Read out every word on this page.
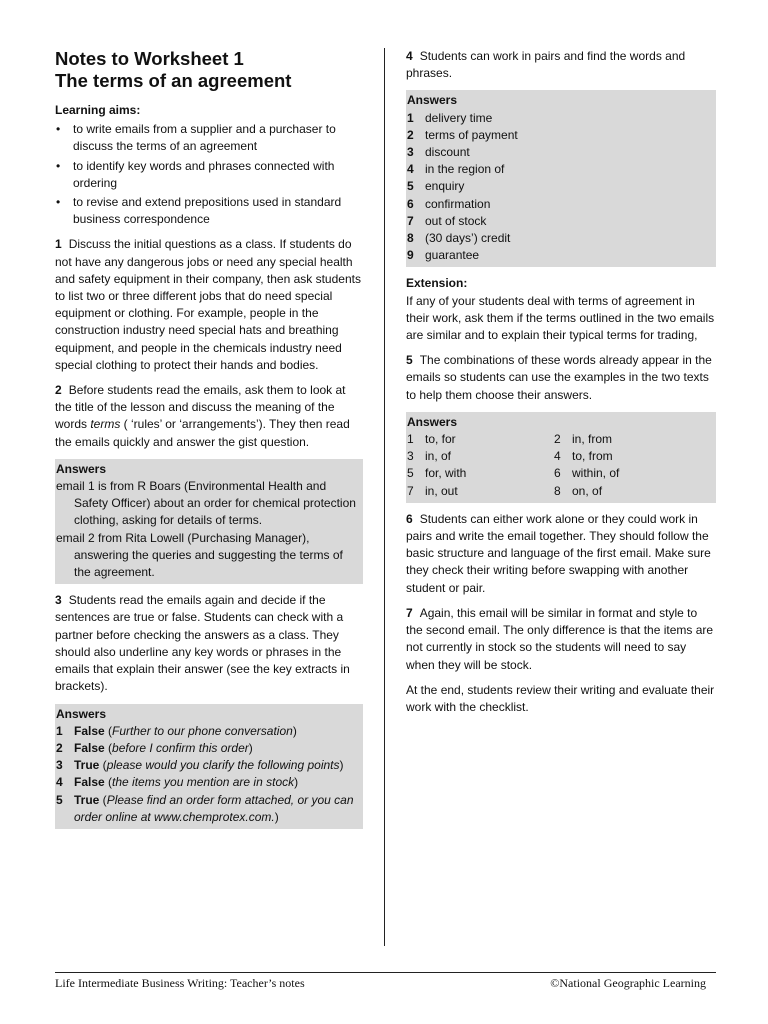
Notes to Worksheet 1
The terms of an agreement
Learning aims:
• to write emails from a supplier and a purchaser to discuss the terms of an agreement
• to identify key words and phrases connected with ordering
• to revise and extend prepositions used in standard business correspondence

1 Discuss the initial questions as a class. If students do not have any dangerous jobs or need any special health and safety equipment in their company, then ask students to list two or three different jobs that do need special equipment or clothing. For example, people in the construction industry need special hats and breathing equipment, and people in the chemicals industry need special clothing to protect their hands and bodies.

2 Before students read the emails, ask them to look at the title of the lesson and discuss the meaning of the words terms ( ‘rules’ or ‘arrangements’). They then read the emails quickly and answer the gist question.

Answers
email 1 is from R Boars (Environmental Health and Safety Officer) about an order for chemical protection clothing, asking for details of terms.
email 2 from Rita Lowell (Purchasing Manager), answering the queries and suggesting the terms of the agreement.

3 Students read the emails again and decide if the sentences are true or false. Students can check with a partner before checking the answers as a class. They should also underline any key words or phrases in the emails that explain their answer (see the key extracts in brackets).

Answers
1 False (Further to our phone conversation)
2 False (before I confirm this order)
3 True (please would you clarify the following points)
4 False (the items you mention are in stock)
5 True (Please find an order form attached, or you can order online at www.chemprotex.com.)

4 Students can work in pairs and find the words and phrases.

Answers
1 delivery time
2 terms of payment
3 discount
4 in the region of
5 enquiry
6 confirmation
7 out of stock
8 (30 days’) credit
9 guarantee
Extension:

If any of your students deal with terms of agreement in their work, ask them if the terms outlined in the two emails are similar and to explain their typical terms for trading,

5 The combinations of these words already appear in the emails so students can use the examples in the two texts to help them choose their answers.

Answers
1 to, for	2 in, from
3 in, of	4 to, from
5 for, with	6 within, of
7 in, out	8 on, of

6 Students can either work alone or they could work in pairs and write the email together. They should follow the basic structure and language of the first email. Make sure they check their writing before swapping with another student or pair.

7 Again, this email will be similar in format and style to the second email. The only difference is that the items are not currently in stock so the students will need to say when they will be stock.

At the end, students review their writing and evaluate their work with the checklist.

Life Intermediate Business Writing: Teacher’s notes	©National Geographic Learning
